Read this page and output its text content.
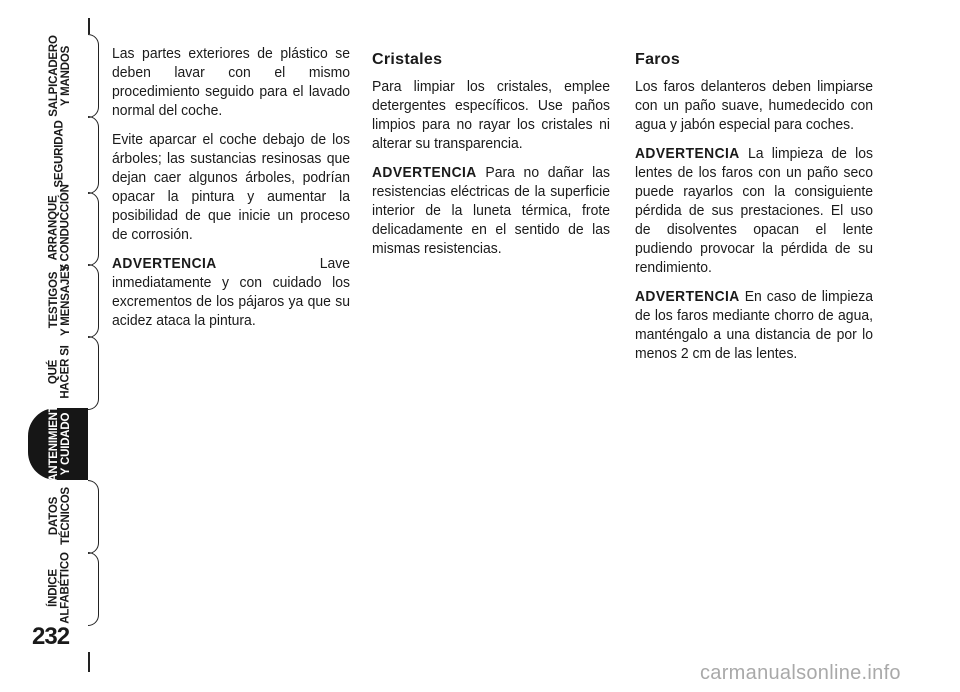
SALPICADERO Y MANDOS
SEGURIDAD
ARRANQUE Y CONDUCCIÓN
TESTIGOS Y MENSAJES
QUÉ HACER SI
MANTENIMIENTO Y CUIDADO
DATOS TÉCNICOS
ÍNDICE ALFABÉTICO
232

Las partes exteriores de plástico se deben lavar con el mismo procedimiento seguido para el lavado normal del coche.

Evite aparcar el coche debajo de los árboles; las sustancias resinosas que dejan caer algunos árboles, podrían opacar la pintura y aumentar la posibilidad de que inicie un proceso de corrosión.

ADVERTENCIA Lave inmediatamente y con cuidado los excrementos de los pájaros ya que su acidez ataca la pintura.

Cristales

Para limpiar los cristales, emplee detergentes específicos. Use paños limpios para no rayar los cristales ni alterar su transparencia.

ADVERTENCIA Para no dañar las resistencias eléctricas de la superficie interior de la luneta térmica, frote delicadamente en el sentido de las mismas resistencias.

Faros

Los faros delanteros deben limpiarse con un paño suave, humedecido con agua y jabón especial para coches.

ADVERTENCIA La limpieza de los lentes de los faros con un paño seco puede rayarlos con la consiguiente pérdida de sus prestaciones. El uso de disolventes opacan el lente pudiendo provocar la pérdida de su rendimiento.

ADVERTENCIA En caso de limpieza de los faros mediante chorro de agua, manténgalo a una distancia de por lo menos 2 cm de las lentes.

carmanualsonline.info
